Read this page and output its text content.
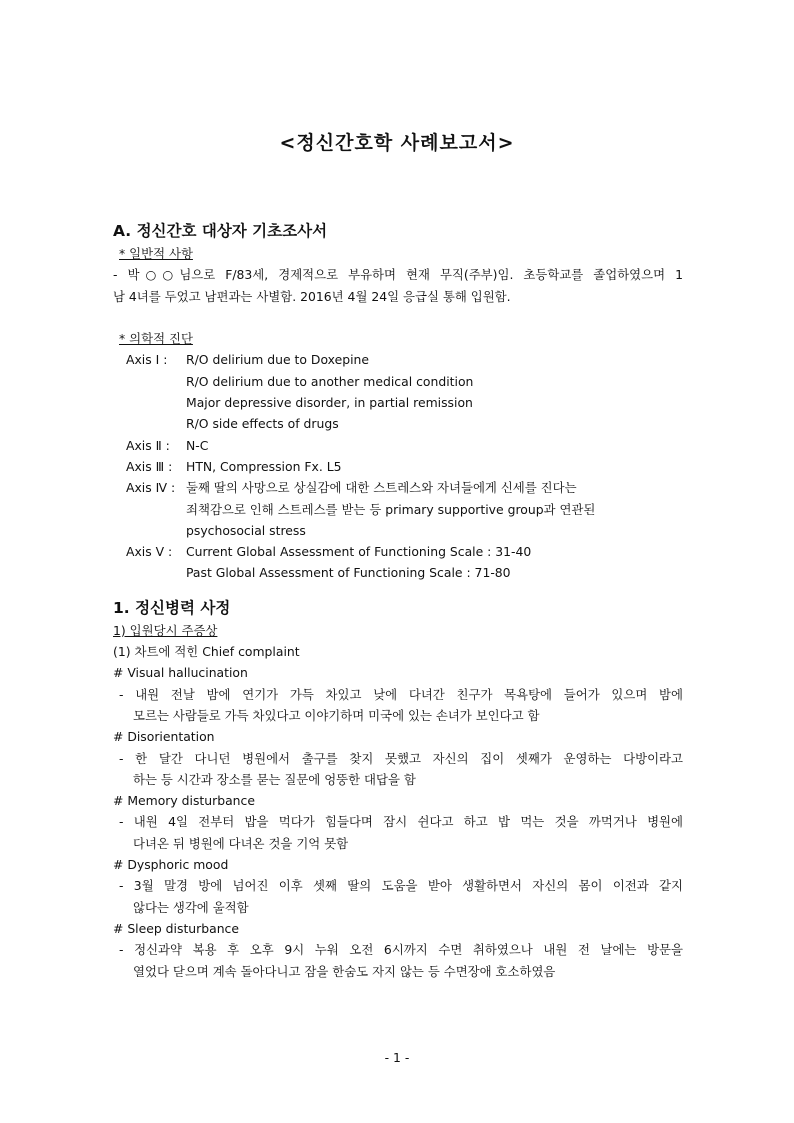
<정신간호학 사례보고서>
A. 정신간호 대상자 기초조사서
* 일반적 사항
- 박○○님으로 F/83세, 경제적으로 부유하며 현재 무직(주부)임. 초등학교를 졸업하였으며 1
남 4녀를 두었고 남편과는 사별함. 2016년 4월 24일 응급실 통해 입원함.
* 의학적 진단
Axis Ⅰ :	R/O delirium due to Doxepine
R/O delirium due to another medical condition
Major depressive disorder, in partial remission
R/O side effects of drugs
Axis Ⅱ :	N-C
Axis Ⅲ :	HTN, Compression Fx. L5
Axis Ⅳ : 둘째 딸의 사망으로 상실감에 대한 스트레스와 자녀들에게 신세를 진다는
죄책감으로 인해 스트레스를 받는 등 primary supportive group과 연관된
psychosocial stress
Axis Ⅴ :	Current Global Assessment of Functioning Scale : 31-40
Past Global Assessment of Functioning Scale : 71-80
1. 정신병력 사정
1) 입원당시 주증상
(1) 차트에 적힌 Chief complaint
# Visual hallucination
- 내원 전날 밤에 연기가 가득 차있고 낮에 다녀간 친구가 목욕탕에 들어가 있으며 밤에
모르는 사람들로 가득 차있다고 이야기하며 미국에 있는 손녀가 보인다고 함
# Disorientation
- 한 달간 다니던 병원에서 출구를 찾지 못했고 자신의 집이 셋째가 운영하는 다방이라고
하는 등 시간과 장소를 묻는 질문에 엉뚱한 대답을 함
# Memory disturbance
- 내원 4일 전부터 밥을 먹다가 힘들다며 잠시 쉰다고 하고 밥 먹는 것을 까먹거나 병원에
다녀온 뒤 병원에 다녀온 것을 기억 못함
# Dysphoric mood
- 3월 말경 방에 넘어진 이후 셋째 딸의 도움을 받아 생활하면서 자신의 몸이 이전과 같지
않다는 생각에 울적함
# Sleep disturbance
- 정신과약 복용 후 오후 9시 누워 오전 6시까지 수면 취하였으나 내원 전 날에는 방문을
열었다 닫으며 계속 돌아다니고 잠을 한숨도 자지 않는 등 수면장애 호소하였음
- 1 -
